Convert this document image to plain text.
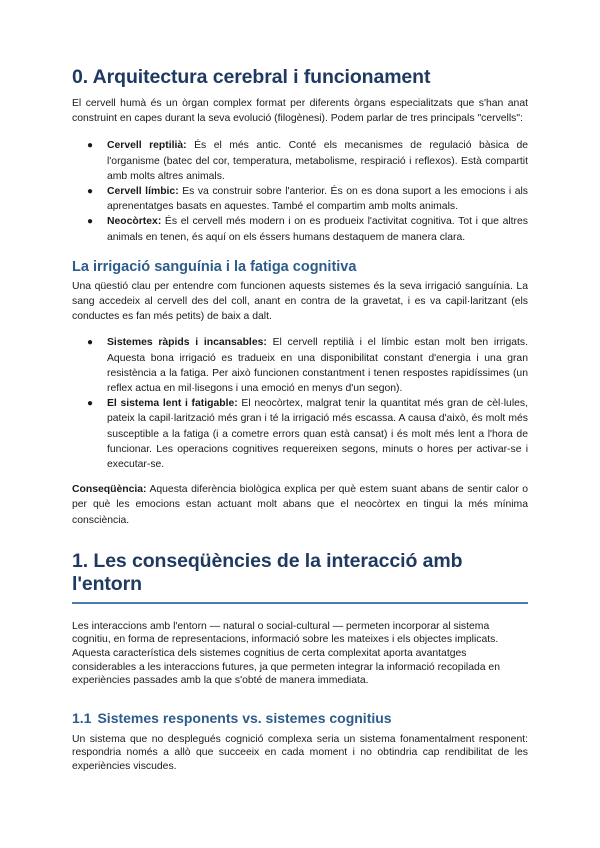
0. Arquitectura cerebral i funcionament

El cervell humà és un òrgan complex format per diferents òrgans especialitzats que s'han anat construint en capes durant la seva evolució (filogènesi). Podem parlar de tres principals "cervells":

● Cervell reptilià: És el més antic. Conté els mecanismes de regulació bàsica de l'organisme (batec del cor, temperatura, metabolisme, respiració i reflexos). Està compartit amb molts altres animals.
● Cervell límbic: Es va construir sobre l'anterior. És on es dona suport a les emocions i als aprenentatges basats en aquestes. També el compartim amb molts animals.
● Neocòrtex: És el cervell més modern i on es produeix l'activitat cognitiva. Tot i que altres animals en tenen, és aquí on els éssers humans destaquem de manera clara.
La irrigació sanguínia i la fatiga cognitiva

Una qüestió clau per entendre com funcionen aquests sistemes és la seva irrigació sanguínia. La sang accedeix al cervell des del coll, anant en contra de la gravetat, i es va capil·laritzant (els conductes es fan més petits) de baix a dalt.

● Sistemes ràpids i incansables: El cervell reptilià i el límbic estan molt ben irrigats. Aquesta bona irrigació es tradueix en una disponibilitat constant d'energia i una gran resistència a la fatiga. Per això funcionen constantment i tenen respostes rapidíssimes (un reflex actua en mil·lisegons i una emoció en menys d'un segon).
● El sistema lent i fatigable: El neocòrtex, malgrat tenir la quantitat més gran de cèl·lules, pateix la capil·larització més gran i té la irrigació més escassa. A causa d'això, és molt més susceptible a la fatiga (i a cometre errors quan està cansat) i és molt més lent a l'hora de funcionar. Les operacions cognitives requereixen segons, minuts o hores per activar-se i executar-se.

Conseqüència: Aquesta diferència biològica explica per què estem suant abans de sentir calor o per què les emocions estan actuant molt abans que el neocòrtex en tingui la més mínima consciència.

1. Les conseqüències de la interacció amb l'entorn

Les interaccions amb l'entorn — natural o social-cultural — permeten incorporar al sistema cognitiu, en forma de representacions, informació sobre les mateixes i els objectes implicats. Aquesta característica dels sistemes cognitius de certa complexitat aporta avantatges considerables a les interaccions futures, ja que permeten integrar la informació recopilada en experiències passades amb la que s'obté de manera immediata.

1.1 Sistemes responents vs. sistemes cognitius

Un sistema que no desplegués cognició complexa seria un sistema fonamentalment responent: respondria només a allò que succeeix en cada moment i no obtindria cap rendibilitat de les experiències viscudes.
